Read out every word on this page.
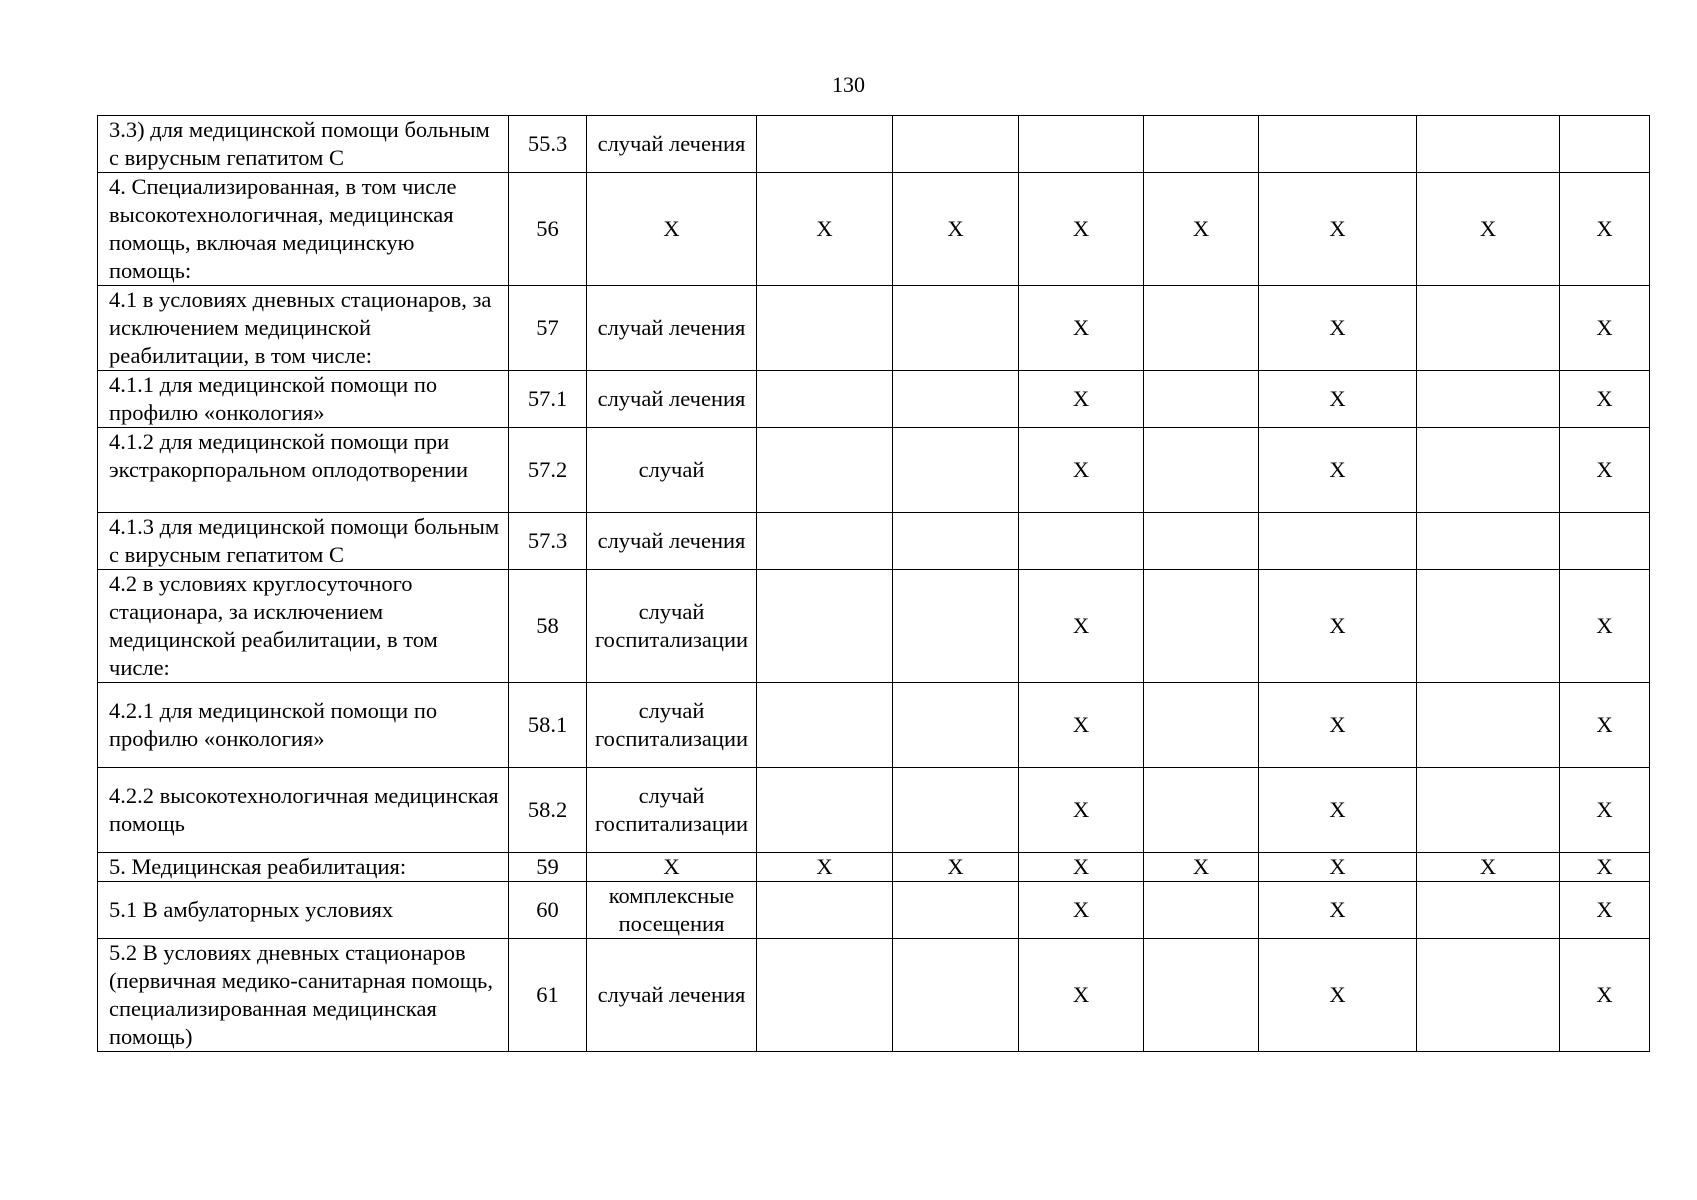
130
3.3) для медицинской помощи больным с вирусным гепатитом С	55.3	случай лечения							

4. Специализированная, в том числе высокотехнологичная, медицинская помощь, включая медицинскую помощь:	56	X	X	X	X	X	X	X	X

4.1 в условиях дневных стационаров, за исключением медицинской реабилитации, в том числе:	57	случай лечения			X		X		X

4.1.1 для медицинской помощи по профилю «онкология»	57.1	случай лечения			X		X		X

4.1.2 для медицинской помощи при экстракорпоральном оплодотворении	57.2	случай			X		X		X

4.1.3 для медицинской помощи больным с вирусным гепатитом С	57.3	случай лечения							

4.2 в условиях круглосуточного стационара, за исключением медицинской реабилитации, в том числе:	58	случай госпитализации			X		X		X

4.2.1 для медицинской помощи по профилю «онкология»	58.1	случай госпитализации			X		X		X

4.2.2 высокотехнологичная медицинская помощь	58.2	случай госпитализации			X		X		X

5. Медицинская реабилитация:	59	X	X	X	X	X	X	X	X

5.1 В амбулаторных условиях	60	комплексные посещения			X		X		X

5.2 В условиях дневных стационаров (первичная медико-санитарная помощь, специализированная медицинская помощь)	61	случай лечения			X		X		X
